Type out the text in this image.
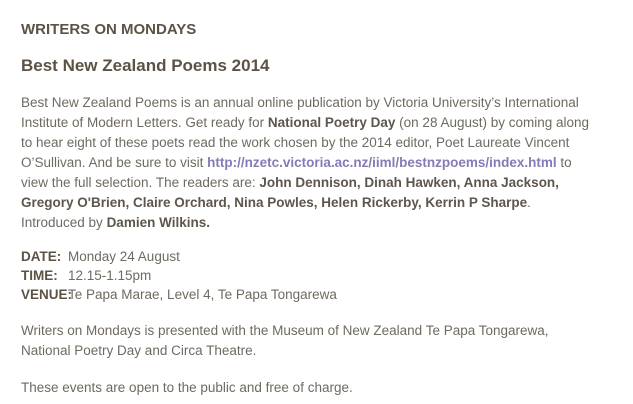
WRITERS ON MONDAYS
Best New Zealand Poems 2014

Best New Zealand Poems is an annual online publication by Victoria University’s International Institute of Modern Letters. Get ready for National Poetry Day (on 28 August) by coming along to hear eight of these poets read the work chosen by the 2014 editor, Poet Laureate Vincent O’Sullivan. And be sure to visit http://nzetc.victoria.ac.nz/iiml/bestnzpoems/index.html to view the full selection. The readers are: John Dennison, Dinah Hawken, Anna Jackson, Gregory O'Brien, Claire Orchard, Nina Powles, Helen Rickerby, Kerrin P Sharpe. Introduced by Damien Wilkins.

DATE: Monday 24 August
TIME: 12.15-1.15pm
VENUE:
Te Papa Marae, Level 4, Te Papa Tongarewa

Writers on Mondays is presented with the Museum of New Zealand Te Papa Tongarewa, National Poetry Day and Circa Theatre.

These events are open to the public and free of charge.
